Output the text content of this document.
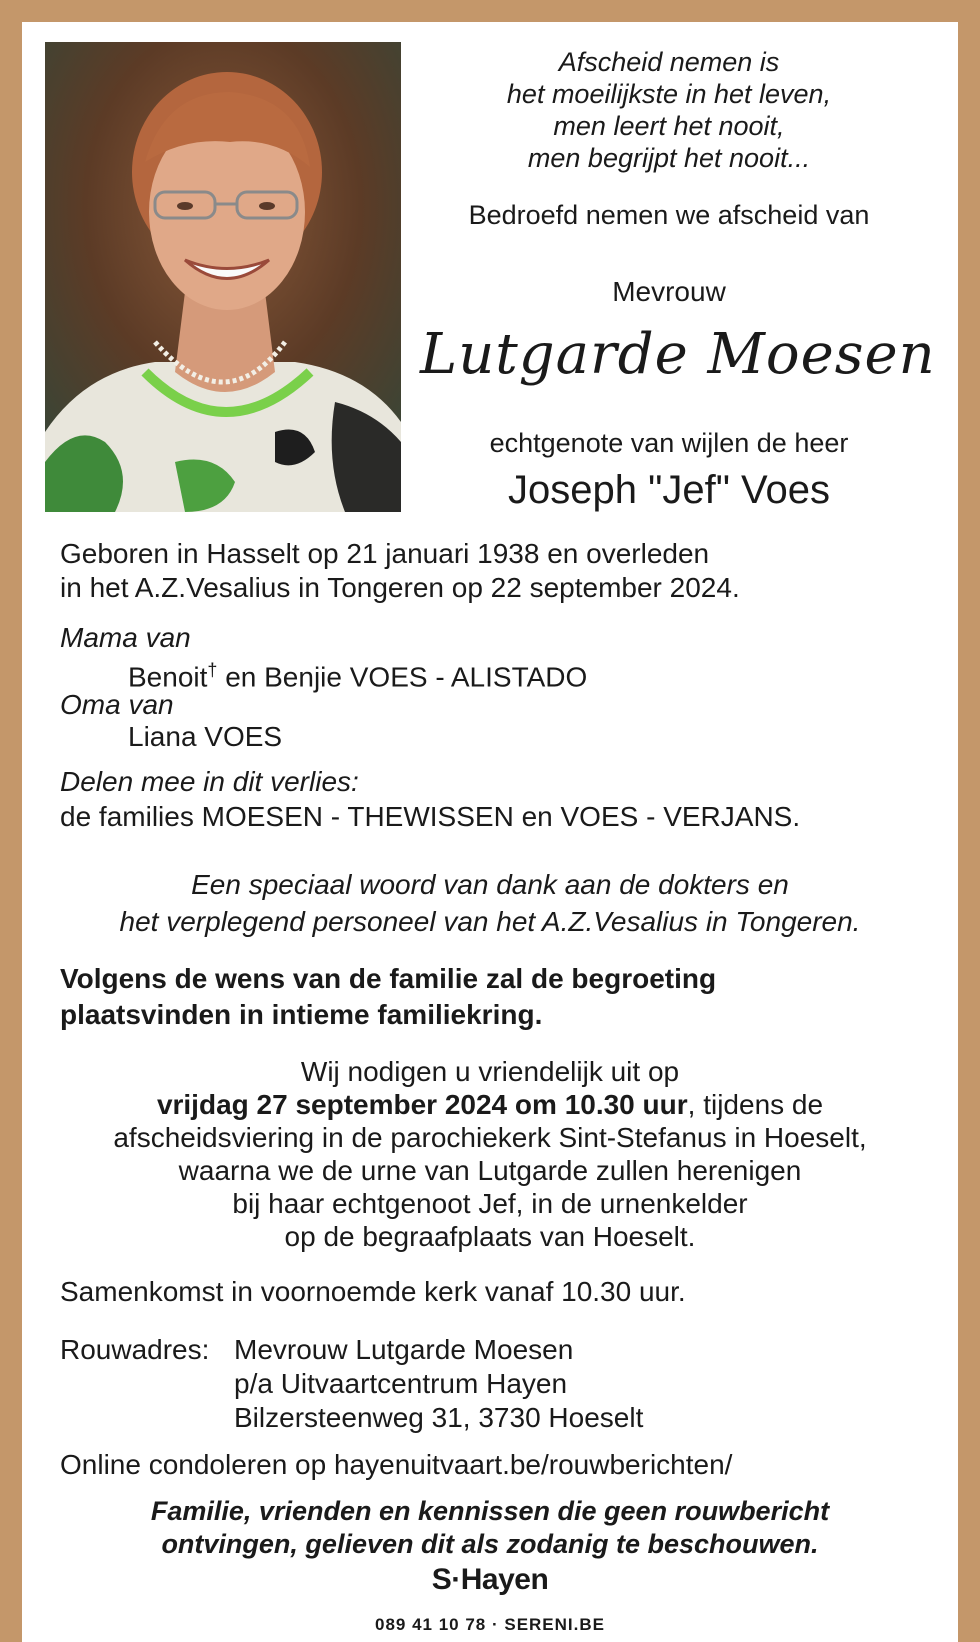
Afscheid nemen is
het moeilijkste in het leven,
men leert het nooit,
men begrijpt het nooit...
Bedroefd nemen we afscheid van
Mevrouw
Lutgarde Moesen
echtgenote van wijlen de heer
Joseph "Jef" Voes
Geboren in Hasselt op 21 januari 1938 en overleden
in het A.Z.Vesalius in Tongeren op 22 september 2024.
Mama van
Benoit† en Benjie VOES - ALISTADO
Oma van
Liana VOES
Delen mee in dit verlies:
de families MOESEN - THEWISSEN en VOES - VERJANS.
Een speciaal woord van dank aan de dokters en
het verplegend personeel van het A.Z.Vesalius in Tongeren.
Volgens de wens van de familie zal de begroeting
plaatsvinden in intieme familiekring.
Wij nodigen u vriendelijk uit op
vrijdag 27 september 2024 om 10.30 uur, tijdens de
afscheidsviering in de parochiekerk Sint-Stefanus in Hoeselt,
waarna we de urne van Lutgarde zullen herenigen
bij haar echtgenoot Jef, in de urnenkelder
op de begraafplaats van Hoeselt.
Samenkomst in voornoemde kerk vanaf 10.30 uur.
Rouwadres: Mevrouw Lutgarde Moesen
p/a Uitvaartcentrum Hayen
Bilzersteenweg 31, 3730 Hoeselt
Online condoleren op hayenuitvaart.be/rouwberichten/
Familie, vrienden en kennissen die geen rouwbericht
ontvingen, gelieven dit als zodanig te beschouwen.
S·Hayen
089 41 10 78 · SERENI.BE
